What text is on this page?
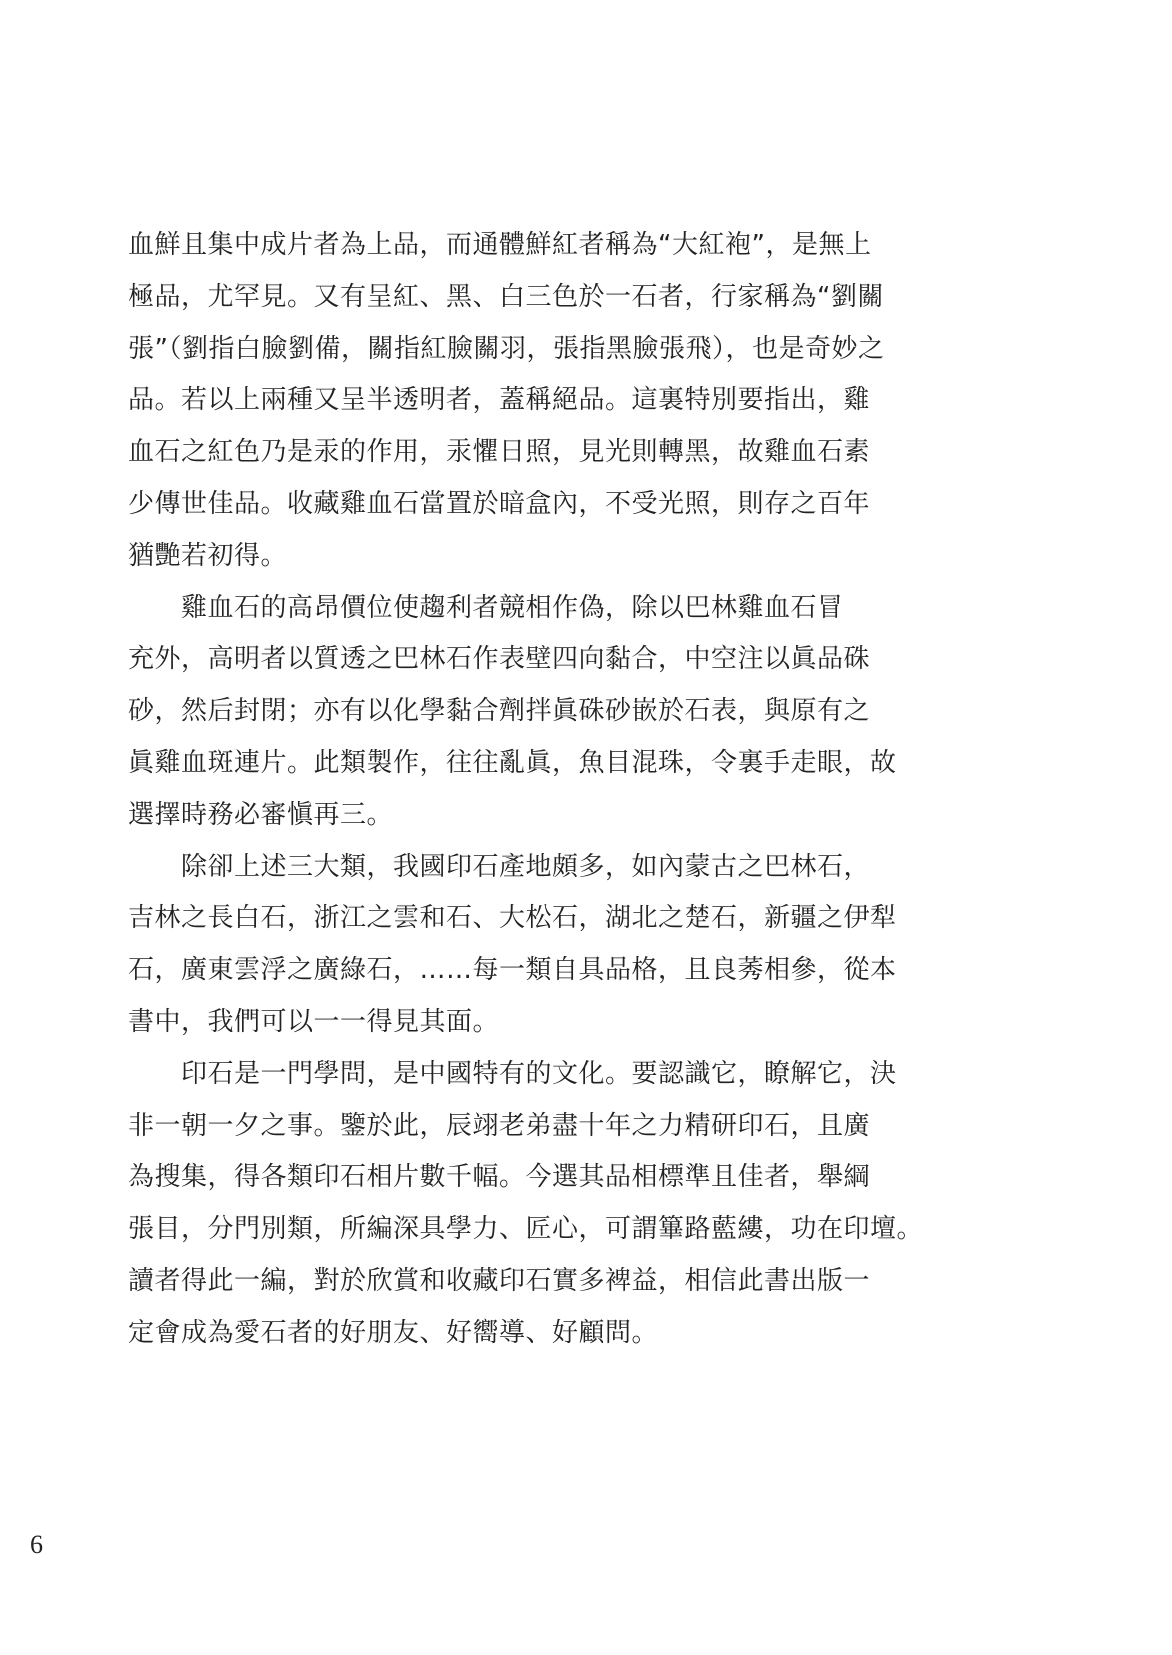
血鮮且集中成片者為上品，而通體鮮紅者稱為“大紅袍”，是無上
極品，尤罕見。又有呈紅、黑、白三色於一石者，行家稱為“劉關
張”（劉指白臉劉備，關指紅臉關羽，張指黑臉張飛），也是奇妙之
品。若以上兩種又呈半透明者，蓋稱絕品。這裏特別要指出，雞
血石之紅色乃是汞的作用，汞懼日照，見光則轉黑，故雞血石素
少傳世佳品。收藏雞血石當置於暗盒內，不受光照，則存之百年
猶艷若初得。
　　雞血石的高昂價位使趨利者競相作偽，除以巴林雞血石冒
充外，高明者以質透之巴林石作表壁四向黏合，中空注以眞品硃
砂，然后封閉；亦有以化學黏合劑拌眞硃砂嵌於石表，與原有之
眞雞血斑連片。此類製作，往往亂眞，魚目混珠，令裏手走眼，故
選擇時務必審愼再三。
　　除卻上述三大類，我國印石產地頗多，如內蒙古之巴林石，
吉林之長白石，浙江之雲和石、大松石，湖北之楚石，新疆之伊犁
石，廣東雲浮之廣綠石，……每一類自具品格，且良莠相參，從本
書中，我們可以一一得見其面。
　　印石是一門學問，是中國特有的文化。要認識它，瞭解它，決
非一朝一夕之事。鑒於此，辰翊老弟盡十年之力精研印石，且廣
為搜集，得各類印石相片數千幅。今選其品相標準且佳者，舉綱
張目，分門別類，所編深具學力、匠心，可謂篳路藍縷，功在印壇。
讀者得此一編，對於欣賞和收藏印石實多裨益，相信此書出版一
定會成為愛石者的好朋友、好嚮導、好顧問。
6
